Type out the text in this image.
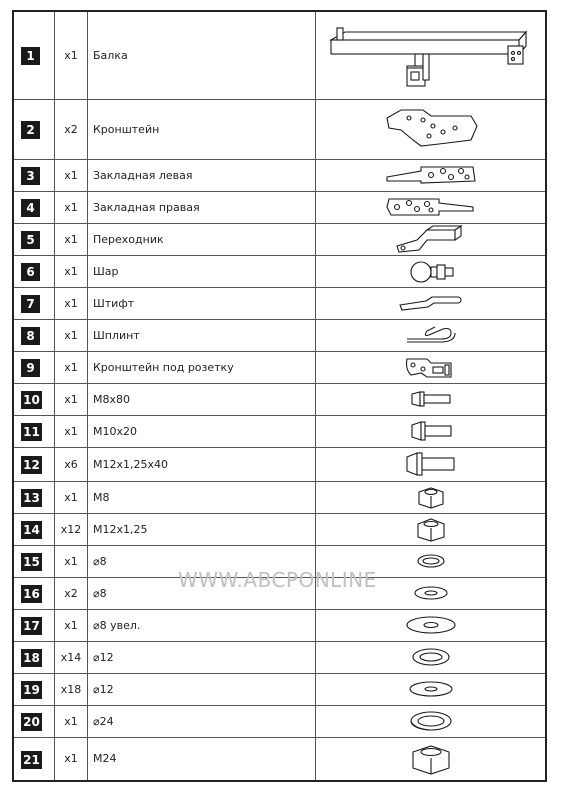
1	x1	Балка	

2	x2	Кронштейн	

3	x1	Закладная левая	

4	x1	Закладная правая	

5	x1	Переходник	

6	x1	Шар	

7	x1	Штифт	

8	x1	Шплинт	

9	x1	Кронштейн под розетку	

10	x1	M8x80	

11	x1	M10x20	

12	x6	M12x1,25x40	

13	x1	M8	

14	x12	M12x1,25	

15	x1	⌀8	

16	x2	⌀8	

17	x1	⌀8 увел.	

18	x14	⌀12	

19	x18	⌀12	

20	x1	⌀24	

21	x1	M24	
WWW.ABCPONLINE
